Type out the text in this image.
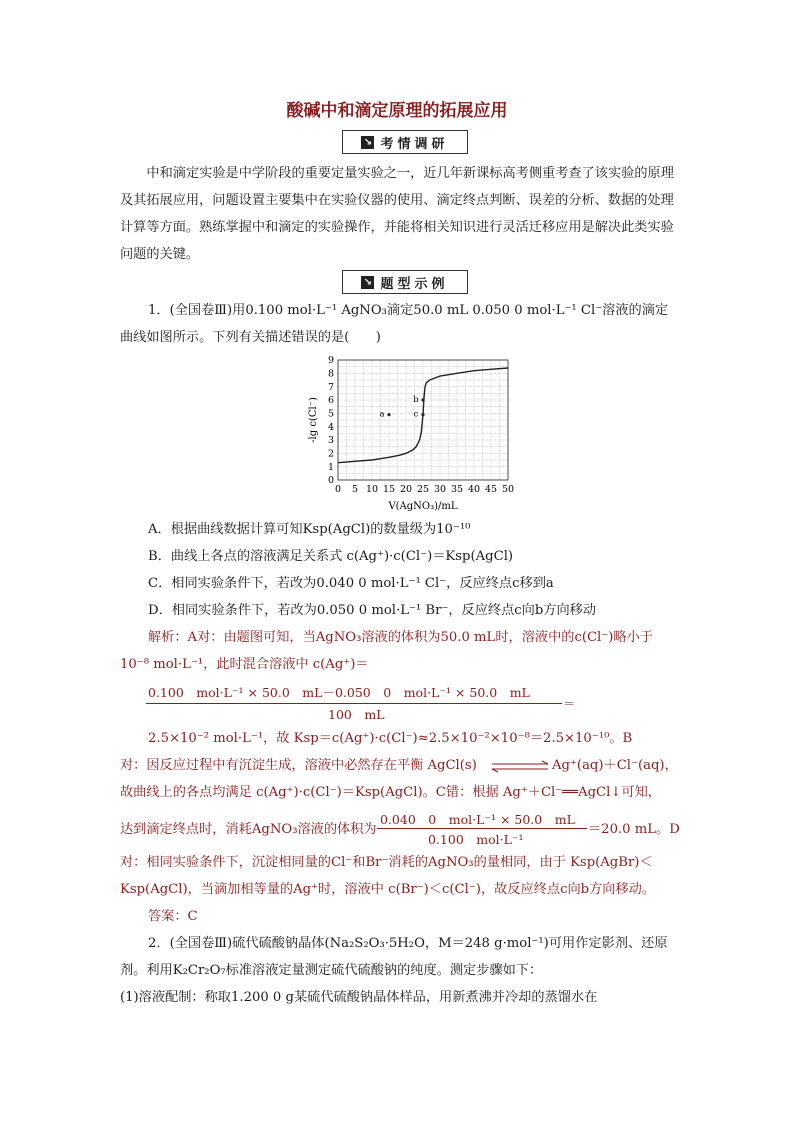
酸碱中和滴定原理的拓展应用
↘ 考情调研
中和滴定实验是中学阶段的重要定量实验之一，近几年新课标高考侧重考查了该实验的原理及其拓展应用，问题设置主要集中在实验仪器的使用、滴定终点判断、误差的分析、数据的处理计算等方面。熟练掌握中和滴定的实验操作，并能将相关知识进行灵活迁移应用是解决此类实验问题的关键。
↘ 题型示例
1．(全国卷Ⅲ)用0.100 mol·L⁻¹ AgNO₃滴定50.0 mL 0.050 0 mol·L⁻¹ Cl⁻溶液的滴定
曲线如图所示。下列有关描述错误的是(　　)
0 5 10 15 20 25 30 35 40 45 50
0
1
2
3
4
5
6
7
8
9
a
b
c
-lg c(Cl⁻)
V(AgNO₃)/mL
A．根据曲线数据计算可知Ksp(AgCl)的数量级为10⁻¹⁰
B．曲线上各点的溶液满足关系式 c(Ag⁺)·c(Cl⁻)＝Ksp(AgCl)
C．相同实验条件下，若改为0.040 0 mol·L⁻¹ Cl⁻，反应终点c移到a
D．相同实验条件下，若改为0.050 0 mol·L⁻¹ Br⁻，反应终点c向b方向移动
解析：A对：由题图可知，当AgNO₃溶液的体积为50.0 mL时，溶液中的c(Cl⁻)略小于
10⁻⁸ mol·L⁻¹，此时混合溶液中 c(Ag⁺)＝
0.100　mol·L⁻¹ × 50.0　mL－0.050　0　mol·L⁻¹ × 50.0　mL
100　mL
＝
2.5×10⁻² mol·L⁻¹，故 Ksp＝c(Ag⁺)·c(Cl⁻)≈2.5×10⁻²×10⁻⁸＝2.5×10⁻¹⁰。B
对：因反应过程中有沉淀生成，溶液中必然存在平衡 AgCl(s) ⇌ Ag⁺(aq)＋Cl⁻(aq)，
故曲线上的各点均满足 c(Ag⁺)·c(Cl⁻)＝Ksp(AgCl)。C错：根据 Ag⁺＋Cl⁻══AgCl↓可知，
达到滴定终点时，消耗AgNO₃溶液的体积为
0.040　0　mol·L⁻¹ × 50.0　mL
0.100　mol·L⁻¹
＝20.0 mL。D
对：相同实验条件下，沉淀相同量的Cl⁻和Br⁻消耗的AgNO₃的量相同，由于 Ksp(AgBr)＜
Ksp(AgCl)，当滴加相等量的Ag⁺时，溶液中 c(Br⁻)＜c(Cl⁻)，故反应终点c向b方向移动。
答案：C
2．(全国卷Ⅲ)硫代硫酸钠晶体(Na₂S₂O₃·5H₂O，M＝248 g·mol⁻¹)可用作定影剂、还原
剂。利用K₂Cr₂O₇标准溶液定量测定硫代硫酸钠的纯度。测定步骤如下：
(1)溶液配制：称取1.200 0 g某硫代硫酸钠晶体样品，用新煮沸并冷却的蒸馏水在
